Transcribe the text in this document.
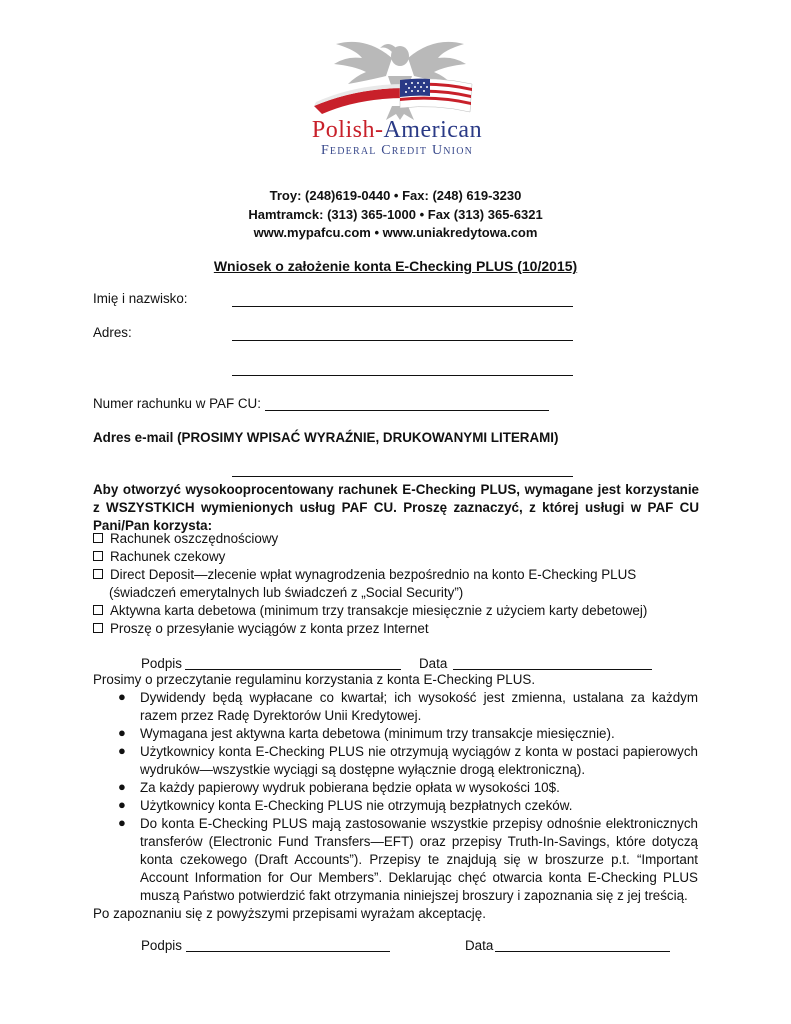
Polish-American
Federal Credit Union
Troy: (248)619-0440 • Fax: (248) 619-3230
Hamtramck: (313) 365-1000 • Fax (313) 365-6321
www.mypafcu.com • www.uniakredytowa.com
Wniosek o założenie konta E-Checking PLUS (10/2015)
Imię i nazwisko:
Adres:
Numer rachunku w PAF CU:
Adres e-mail (PROSIMY WPISAĆ WYRAŹNIE, DRUKOWANYMI LITERAMI)
Aby otworzyć wysokooprocentowany rachunek E-Checking PLUS, wymagane jest korzystanie z WSZYSTKICH wymienionych usług PAF CU. Proszę zaznaczyć, z której usługi w PAF CU Pani/Pan korzysta:
Rachunek oszczędnościowy
Rachunek czekowy
Direct Deposit—zlecenie wpłat wynagrodzenia bezpośrednio na konto E-Checking PLUS
(świadczeń emerytalnych lub świadczeń z „Social Security”)
Aktywna karta debetowa (minimum trzy transakcje miesięcznie z użyciem karty debetowej)
Proszę o przesyłanie wyciągów z konta przez Internet
Podpis	Data
Prosimy o przeczytanie regulaminu korzystania z konta E-Checking PLUS.
● Dywidendy będą wypłacane co kwartał; ich wysokość jest zmienna, ustalana za każdym razem przez Radę Dyrektorów Unii Kredytowej.
● Wymagana jest aktywna karta debetowa (minimum trzy transakcje miesięcznie).
● Użytkownicy konta E-Checking PLUS nie otrzymują wyciągów z konta w postaci papierowych wydruków—wszystkie wyciągi są dostępne wyłącznie drogą elektroniczną).
● Za każdy papierowy wydruk pobierana będzie opłata w wysokości 10$.
● Użytkownicy konta E-Checking PLUS nie otrzymują bezpłatnych czeków.
● Do konta E-Checking PLUS mają zastosowanie wszystkie przepisy odnośnie elektronicznych transferów (Electronic Fund Transfers—EFT) oraz przepisy Truth-In-Savings, które dotyczą konta czekowego (Draft Accounts”). Przepisy te znajdują się w broszurze p.t. “Important Account Information for Our Members”. Deklarując chęć otwarcia konta E-Checking PLUS muszą Państwo potwierdzić fakt otrzymania niniejszej broszury i zapoznania się z jej treścią.
Po zapoznaniu się z powyższymi przepisami wyrażam akceptację.
Podpis	Data
